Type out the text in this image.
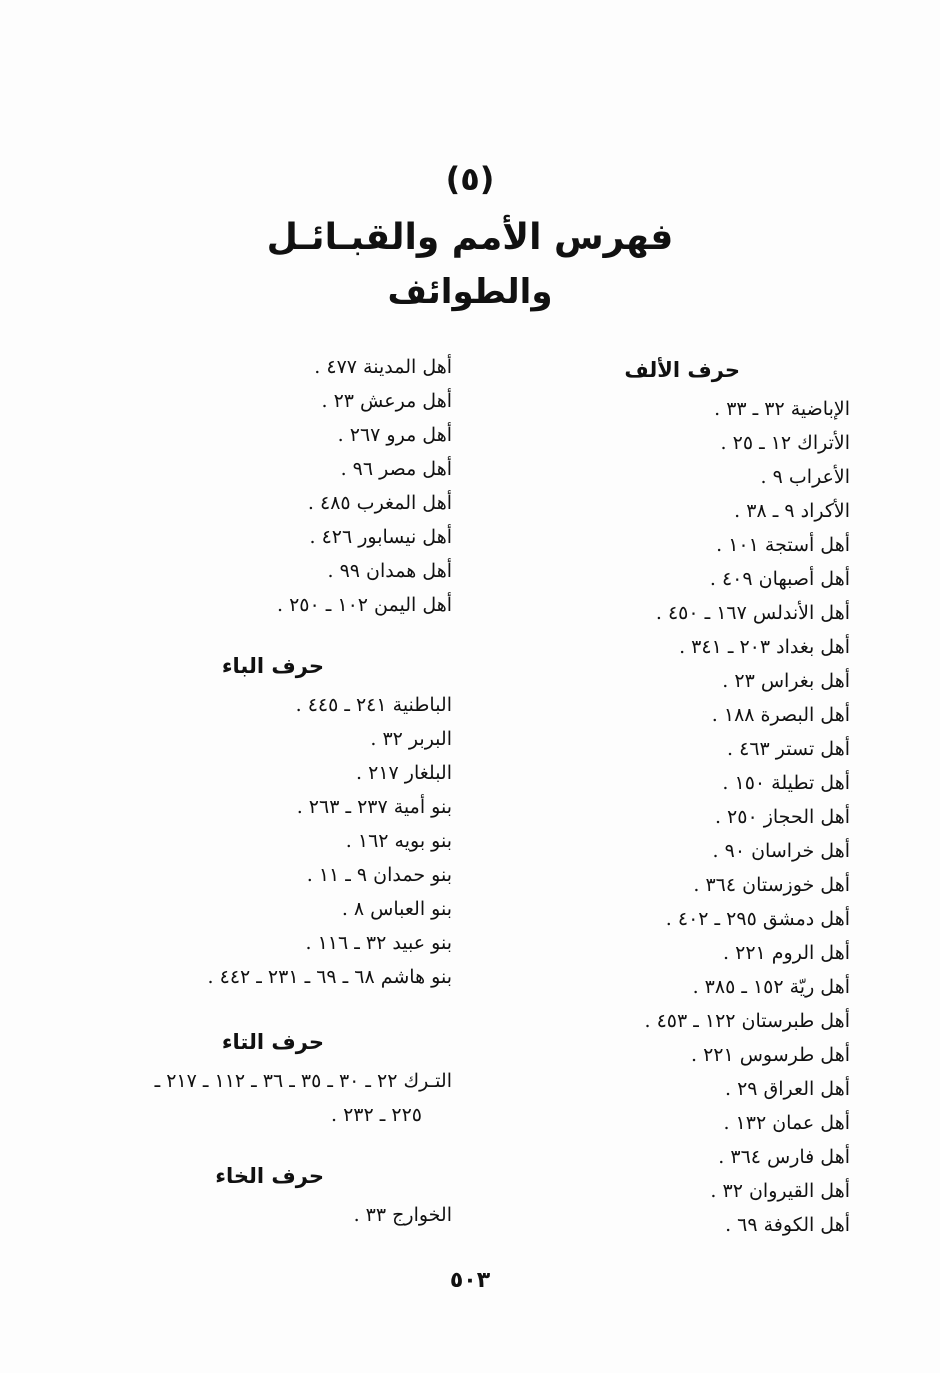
(٥)
فهرس الأمم والقبـائـل
والطوائف
حرف الألف
الإباضية ٣٢ ـ ٣٣ .
الأتراك ١٢ ـ ٢٥ .
الأعراب ٩ .
الأكراد ٩ ـ ٣٨ .
أهل أستجة ١٠١ .
أهل أصبهان ٤٠٩ .
أهل الأندلس ١٦٧ ـ ٤٥٠ .
أهل بغداد ٢٠٣ ـ ٣٤١ .
أهل بغراس ٢٣ .
أهل البصرة ١٨٨ .
أهل تستر ٤٦٣ .
أهل تطيلة ١٥٠ .
أهل الحجاز ٢٥٠ .
أهل خراسان ٩٠ .
أهل خوزستان ٣٦٤ .
أهل دمشق ٢٩٥ ـ ٤٠٢ .
أهل الروم ٢٢١ .
أهل ريّة ١٥٢ ـ ٣٨٥ .
أهل طبرستان ١٢٢ ـ ٤٥٣ .
أهل طرسوس ٢٢١ .
أهل العراق ٢٩ .
أهل عمان ١٣٢ .
أهل فارس ٣٦٤ .
أهل القيروان ٣٢ .
أهل الكوفة ٦٩ .
أهل المدينة ٤٧٧ .
أهل مرعش ٢٣ .
أهل مرو ٢٦٧ .
أهل مصر ٩٦ .
أهل المغرب ٤٨٥ .
أهل نيسابور ٤٢٦ .
أهل همدان ٩٩ .
أهل اليمن ١٠٢ ـ ٢٥٠ .
حرف الباء
الباطنية ٢٤١ ـ ٤٤٥ .
البربر ٣٢ .
البلغار ٢١٧ .
بنو أمية ٢٣٧ ـ ٢٦٣ .
بنو بويه ١٦٢ .
بنو حمدان ٩ ـ ١١ .
بنو العباس ٨ .
بنو عبيد ٣٢ ـ ١١٦ .
بنو هاشم ٦٨ ـ ٦٩ ـ ٢٣١ ـ ٤٤٢ .
حرف التاء
التـرك ٢٢ ـ ٣٠ ـ ٣٥ ـ ٣٦ ـ ١١٢ ـ ٢١٧ ـ
٢٢٥ ـ ٢٣٢ .
حرف الخاء
الخوارج ٣٣ .
٥٠٣
